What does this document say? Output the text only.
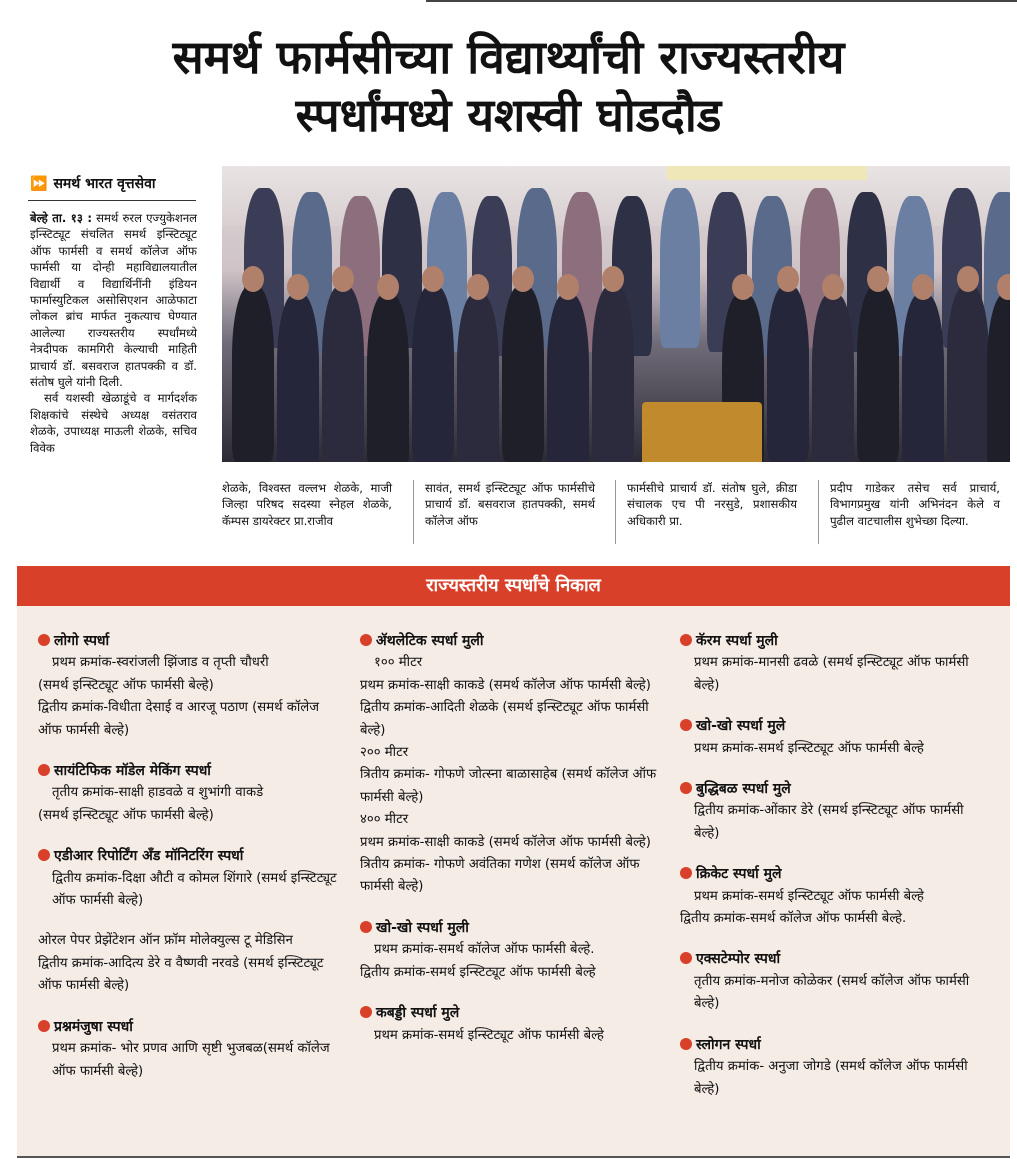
समर्थ फार्मसीच्या विद्यार्थ्यांची राज्यस्तरीय
स्पर्धांमध्ये यशस्वी घोडदौड
⏩ समर्थ भारत वृत्तसेवा

बेल्हे ता. १३ : समर्थ रुरल एज्युकेशनल इन्स्टिट्यूट संचलित समर्थ इन्स्टिट्यूट ऑफ फार्मसी व समर्थ कॉलेज ऑफ फार्मसी या दोन्ही महाविद्यालयातील विद्यार्थी व विद्यार्थिनींनी इंडियन फार्मास्युटिकल असोसिएशन आळेफाटा लोकल ब्रांच मार्फत नुकत्याच घेण्यात आलेल्या राज्यस्तरीय स्पर्धांमध्ये नेत्रदीपक कामगिरी केल्याची माहिती प्राचार्य डॉ. बसवराज हातपक्की व डॉ. संतोष घुले यांनी दिली.

सर्व यशस्वी खेळाडूंचे व मार्गदर्शक शिक्षकांचे संस्थेचे अध्यक्ष वसंतराव शेळके, उपाध्यक्ष माऊली शेळके, सचिव विवेक

शेळके, विश्वस्त वल्लभ शेळके, माजी जिल्हा परिषद सदस्या स्नेहल शेळके, कॅम्पस डायरेक्टर प्रा.राजीव
सावंत, समर्थ इन्स्टिट्यूट ऑफ फार्मसीचे प्राचार्य डॉ. बसवराज हातपक्की, समर्थ कॉलेज ऑफ
फार्मसीचे प्राचार्य डॉ. संतोष घुले, क्रीडा संचालक एच पी नरसुडे, प्रशासकीय अधिकारी प्रा.
प्रदीप गाडेकर तसेच सर्व प्राचार्य, विभागप्रमुख यांनी अभिनंदन केले व पुढील वाटचालीस शुभेच्छा दिल्या.
राज्यस्तरीय स्पर्धांचे निकाल
लोगो स्पर्धा

प्रथम क्रमांक-स्वरांजली झिंजाड व तृप्ती चौधरी

(समर्थ इन्स्टिट्यूट ऑफ फार्मसी बेल्हे)

द्वितीय क्रमांक-विधीता देसाई व आरजू पठाण (समर्थ कॉलेज ऑफ फार्मसी बेल्हे)

सायंटिफिक मॉडेल मेकिंग स्पर्धा

तृतीय क्रमांक-साक्षी हाडवळे व शुभांगी वाकडे

(समर्थ इन्स्टिट्यूट ऑफ फार्मसी बेल्हे)

एडीआर रिपोर्टिंग अँड मॉनिटरिंग स्पर्धा

द्वितीय क्रमांक-दिक्षा औटी व कोमल शिंगारे (समर्थ इन्स्टिट्यूट ऑफ फार्मसी बेल्हे)

ओरल पेपर प्रेझेंटेशन ऑन फ्रॉम मोलेक्युल्स टू मेडिसिन

द्वितीय क्रमांक-आदित्य डेरे व वैष्णवी नरवडे (समर्थ इन्स्टिट्यूट ऑफ फार्मसी बेल्हे)

प्रश्नमंजुषा स्पर्धा

प्रथम क्रमांक- भोर प्रणव आणि सृष्टी भुजबळ(समर्थ कॉलेज ऑफ फार्मसी बेल्हे)

ॲथलेटिक स्पर्धा मुली

१०० मीटर

प्रथम क्रमांक-साक्षी काकडे (समर्थ कॉलेज ऑफ फार्मसी बेल्हे)

द्वितीय क्रमांक-आदिती शेळके (समर्थ इन्स्टिट्यूट ऑफ फार्मसी बेल्हे)

२०० मीटर

त्रितीय क्रमांक- गोफणे जोत्स्ना बाळासाहेब (समर्थ कॉलेज ऑफ फार्मसी बेल्हे)

४०० मीटर

प्रथम क्रमांक-साक्षी काकडे (समर्थ कॉलेज ऑफ फार्मसी बेल्हे)

त्रितीय क्रमांक- गोफणे अवंतिका गणेश (समर्थ कॉलेज ऑफ फार्मसी बेल्हे)

खो-खो स्पर्धा मुली

प्रथम क्रमांक-समर्थ कॉलेज ऑफ फार्मसी बेल्हे.

द्वितीय क्रमांक-समर्थ इन्स्टिट्यूट ऑफ फार्मसी बेल्हे

कबड्डी स्पर्धा मुले

प्रथम क्रमांक-समर्थ इन्स्टिट्यूट ऑफ फार्मसी बेल्हे

कॅरम स्पर्धा मुली

प्रथम क्रमांक-मानसी ढवळे (समर्थ इन्स्टिट्यूट ऑफ फार्मसी बेल्हे)

खो-खो स्पर्धा मुले

प्रथम क्रमांक-समर्थ इन्स्टिट्यूट ऑफ फार्मसी बेल्हे

बुद्धिबळ स्पर्धा मुले

द्वितीय क्रमांक-ओंकार डेरे (समर्थ इन्स्टिट्यूट ऑफ फार्मसी बेल्हे)

क्रिकेट स्पर्धा मुले

प्रथम क्रमांक-समर्थ इन्स्टिट्यूट ऑफ फार्मसी बेल्हे

द्वितीय क्रमांक-समर्थ कॉलेज ऑफ फार्मसी बेल्हे.

एक्सटेम्पोर स्पर्धा

तृतीय क्रमांक-मनोज कोळेकर (समर्थ कॉलेज ऑफ फार्मसी बेल्हे)

स्लोगन स्पर्धा

द्वितीय क्रमांक- अनुजा जोगडे (समर्थ कॉलेज ऑफ फार्मसी बेल्हे)
